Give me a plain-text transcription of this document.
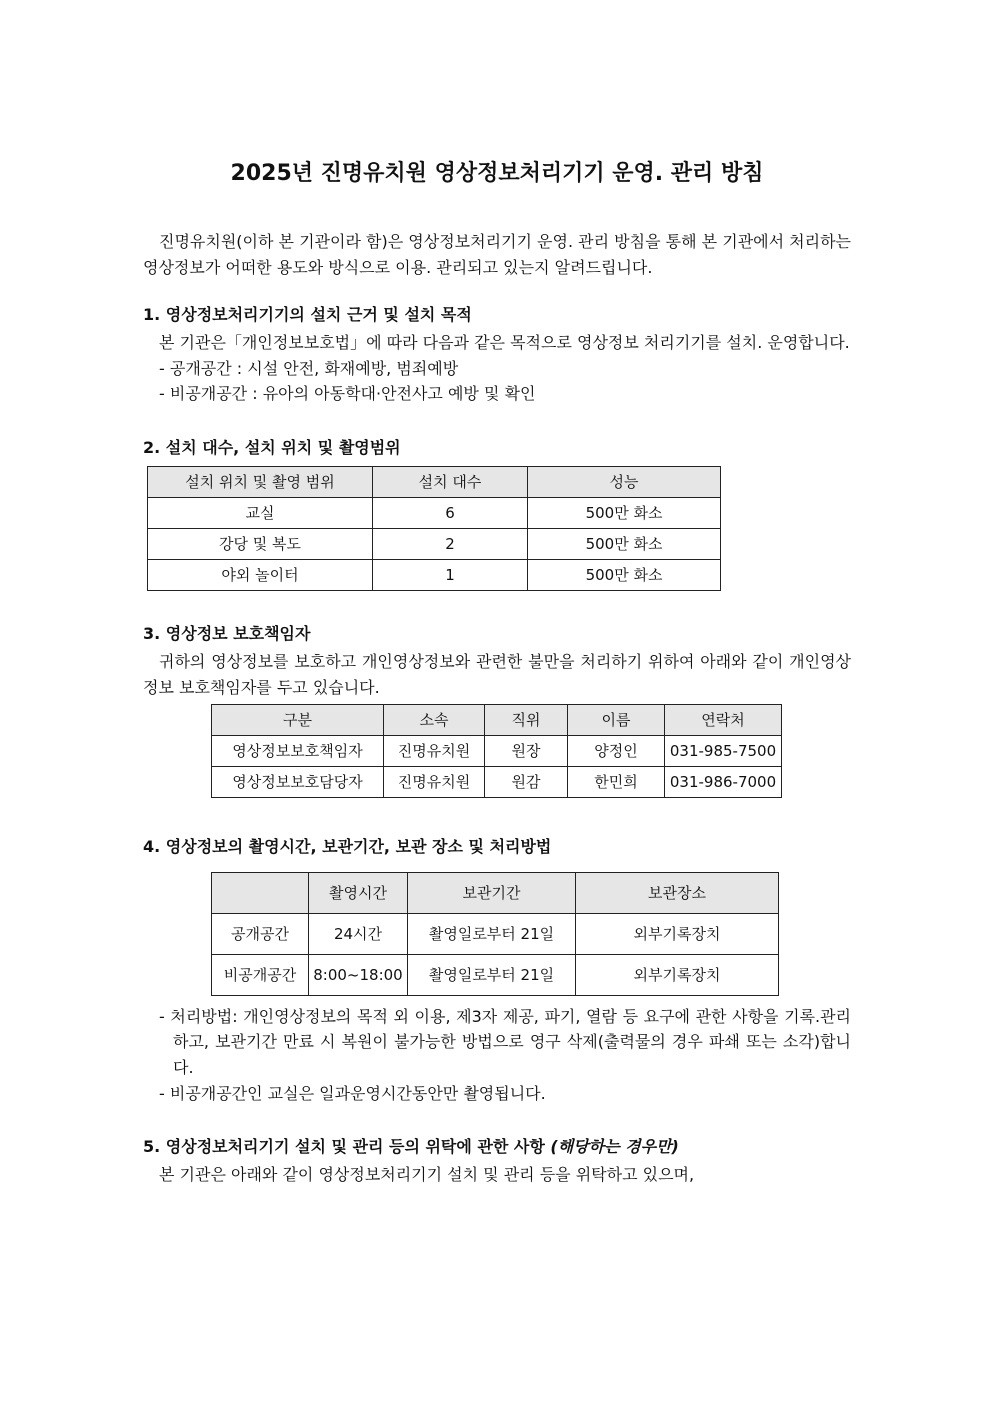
2025년 진명유치원 영상정보처리기기 운영. 관리 방침

진명유치원(이하 본 기관이라 함)은 영상정보처리기기 운영. 관리 방침을 통해 본 기관에서 처리하는 영상정보가 어떠한 용도와 방식으로 이용. 관리되고 있는지 알려드립니다.

1. 영상정보처리기기의 설치 근거 및 설치 목적

본 기관은「개인정보보호법」에 따라 다음과 같은 목적으로 영상정보 처리기기를 설치. 운영합니다.

- 공개공간 : 시설 안전, 화재예방, 범죄예방

- 비공개공간 : 유아의 아동학대·안전사고 예방 및 확인

2. 설치 대수, 설치 위치 및 촬영범위
설치 위치 및 촬영 범위	설치 대수	성능
교실	6	500만 화소
강당 및 복도	2	500만 화소
야외 놀이터	1	500만 화소
3. 영상정보 보호책임자

귀하의 영상정보를 보호하고 개인영상정보와 관련한 불만을 처리하기 위하여 아래와 같이 개인영상정보 보호책임자를 두고 있습니다.

구분	소속	직위	이름	연락처
영상정보보호책임자	진명유치원	원장	양정인	031-985-7500
영상정보보호담당자	진명유치원	원감	한민희	031-986-7000
4. 영상정보의 촬영시간, 보관기간, 보관 장소 및 처리방법
	촬영시간	보관기간	보관장소
공개공간	24시간	촬영일로부터 21일	외부기록장치
비공개공간	8:00~18:00	촬영일로부터 21일	외부기록장치

- 처리방법: 개인영상정보의 목적 외 이용, 제3자 제공, 파기, 열람 등 요구에 관한 사항을 기록.관리하고, 보관기간 만료 시 복원이 불가능한 방법으로 영구 삭제(출력물의 경우 파쇄 또는 소각)합니다.

- 비공개공간인 교실은 일과운영시간동안만 촬영됩니다.

5. 영상정보처리기기 설치 및 관리 등의 위탁에 관한 사항 (해당하는 경우만)

본 기관은 아래와 같이 영상정보처리기기 설치 및 관리 등을 위탁하고 있으며,
